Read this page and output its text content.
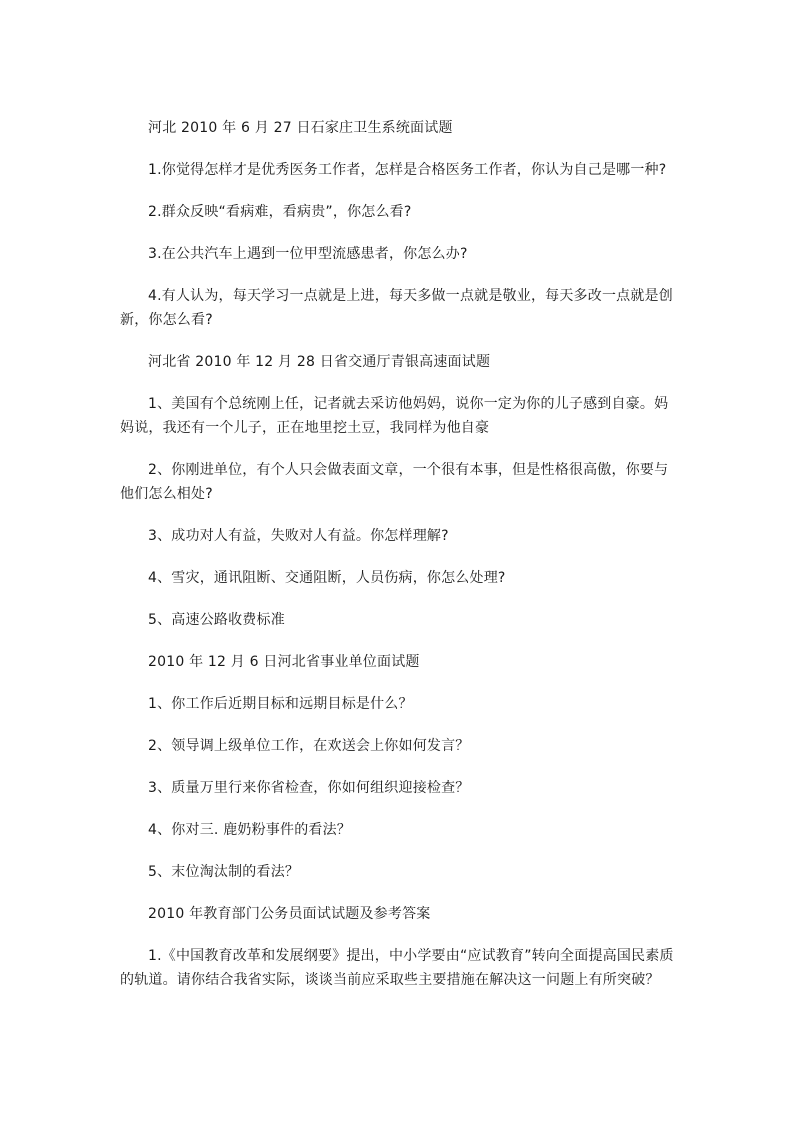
河北 2010 年 6 月 27 日石家庄卫生系统面试题

1.你觉得怎样才是优秀医务工作者，怎样是合格医务工作者，你认为自己是哪一种?

2.群众反映“看病难，看病贵”，你怎么看?

3.在公共汽车上遇到一位甲型流感患者，你怎么办?

4.有人认为，每天学习一点就是上进，每天多做一点就是敬业，每天多改一点就是创新，你怎么看?

河北省 2010 年 12 月 28 日省交通厅青银高速面试题

1、美国有个总统刚上任，记者就去采访他妈妈，说你一定为你的儿子感到自豪。妈妈说，我还有一个儿子，正在地里挖土豆，我同样为他自豪

2、你刚进单位，有个人只会做表面文章，一个很有本事，但是性格很高傲，你要与他们怎么相处?

3、成功对人有益，失败对人有益。你怎样理解?

4、雪灾，通讯阻断、交通阻断，人员伤病，你怎么处理?

5、高速公路收费标准

2010 年 12 月 6 日河北省事业单位面试题

1、你工作后近期目标和远期目标是什么？

2、领导调上级单位工作，在欢送会上你如何发言？

3、质量万里行来你省检查，你如何组织迎接检查？

4、你对三. 鹿奶粉事件的看法？

5、末位淘汰制的看法？

2010 年教育部门公务员面试试题及参考答案

1.《中国教育改革和发展纲要》提出，中小学要由“应试教育”转向全面提高国民素质的轨道。请你结合我省实际，谈谈当前应采取些主要措施在解决这一问题上有所突破？
